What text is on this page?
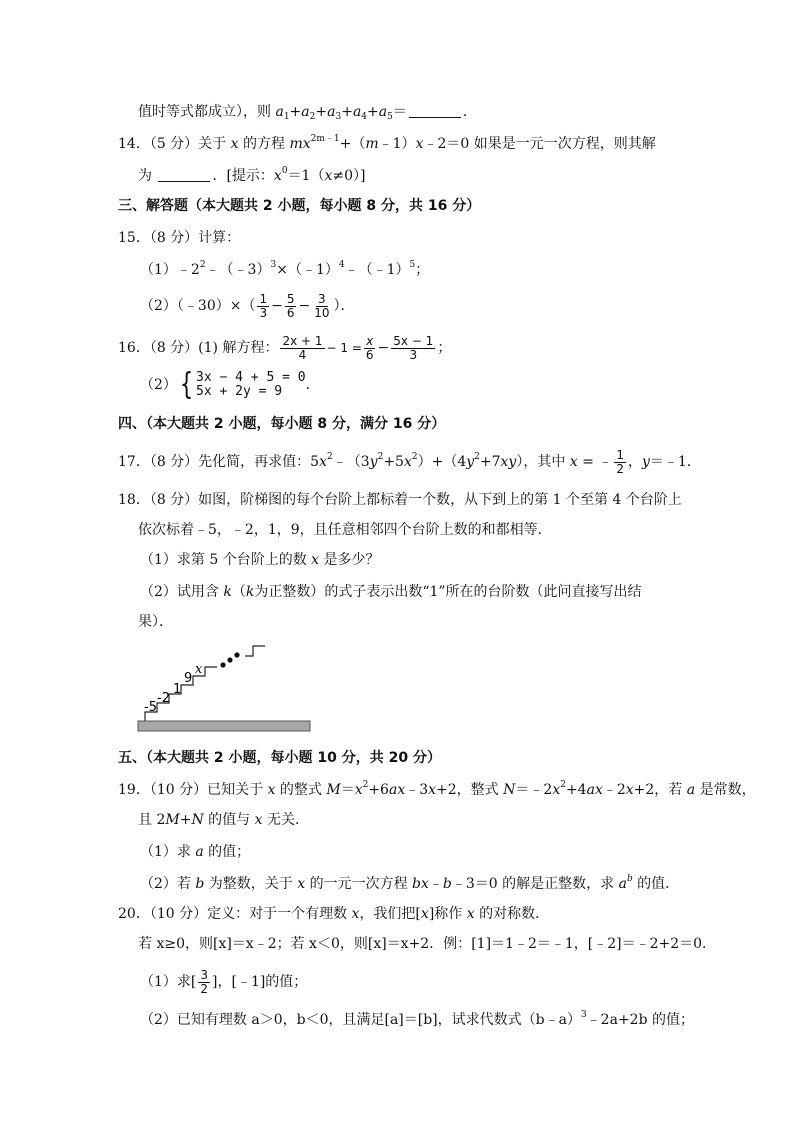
值时等式都成立），则 $a_1+a_2+a_3+a_4+a_5=$	．
14．（5 分）关于 x 的方程 $mx^{2m﹣1}+(m﹣1)x﹣2=0$ 如果是一元一次方程，则其解
为	．[提示：$x^0=1(x\ne 0)$]
三、解答题（本大题共 2 小题，每小题 8 分，共 16 分）
15．（8 分）计算：
$(1)﹣2^2﹣(﹣3)^3\times(﹣1)^4﹣(﹣1)^5$；
（2）（﹣30）×（ $\frac{1}{3} - \frac{5}{6} - \frac{3}{10}$ ）．
16．（8 分）(1) 解方程： $\frac{2x + 1}{4} - 1 = \frac{x}{6} - \frac{5x - 1}{3}$ ；
（2） { 3x − 4 + 5 = 0
5x + 2y = 9	．
四、（本大题共 2 小题，每小题 8 分，满分 16 分）
17．（8 分）先化简，再求值：$5x^2﹣(3y^2+5x^2)+(4y^2+7xy)$，其中 x = ﹣ $\frac{1}{2}$ ，y＝﹣1．
18．（8 分）如图，阶梯图的每个台阶上都标着一个数，从下到上的第 1 个至第 4 个台阶上
依次标着﹣5，﹣2，1，9，且任意相邻四个台阶上数的和都相等．
（1）求第 5 个台阶上的数 x 是多少？
（2）试用含 k（k为正整数）的式子表示出数“1”所在的台阶数（此问直接写出结
果）．
-5
-2
1
9
x
五、（本大题共 2 小题，每小题 10 分，共 20 分）
19．（10 分）已知关于 x 的整式 $M=x^2+6ax﹣3x+2$，整式 $N=﹣2x^2+4ax﹣2x+2$，若 a 是常数，
且 2M+N 的值与 x 无关．
（1）求 a 的值；
（2）若 b 为整数，关于 x 的一元一次方程 bx﹣b﹣3＝0 的解是正整数，求 $a^b$ 的值．
20．（10 分）定义：对于一个有理数 x，我们把[x]称作 x 的对称数．
若 x≥0，则[x]＝x﹣2；若 x＜0，则[x]＝x+2．例：[1]＝1﹣2＝﹣1，[﹣2]＝﹣2+2＝0．
（1）求[ $\frac{3}{2}$ ]，[﹣1]的值；
（2）已知有理数 a＞0，b＜0，且满足[a]＝[b]，试求代数式（b﹣a）$^3$﹣2a+2b 的值；
